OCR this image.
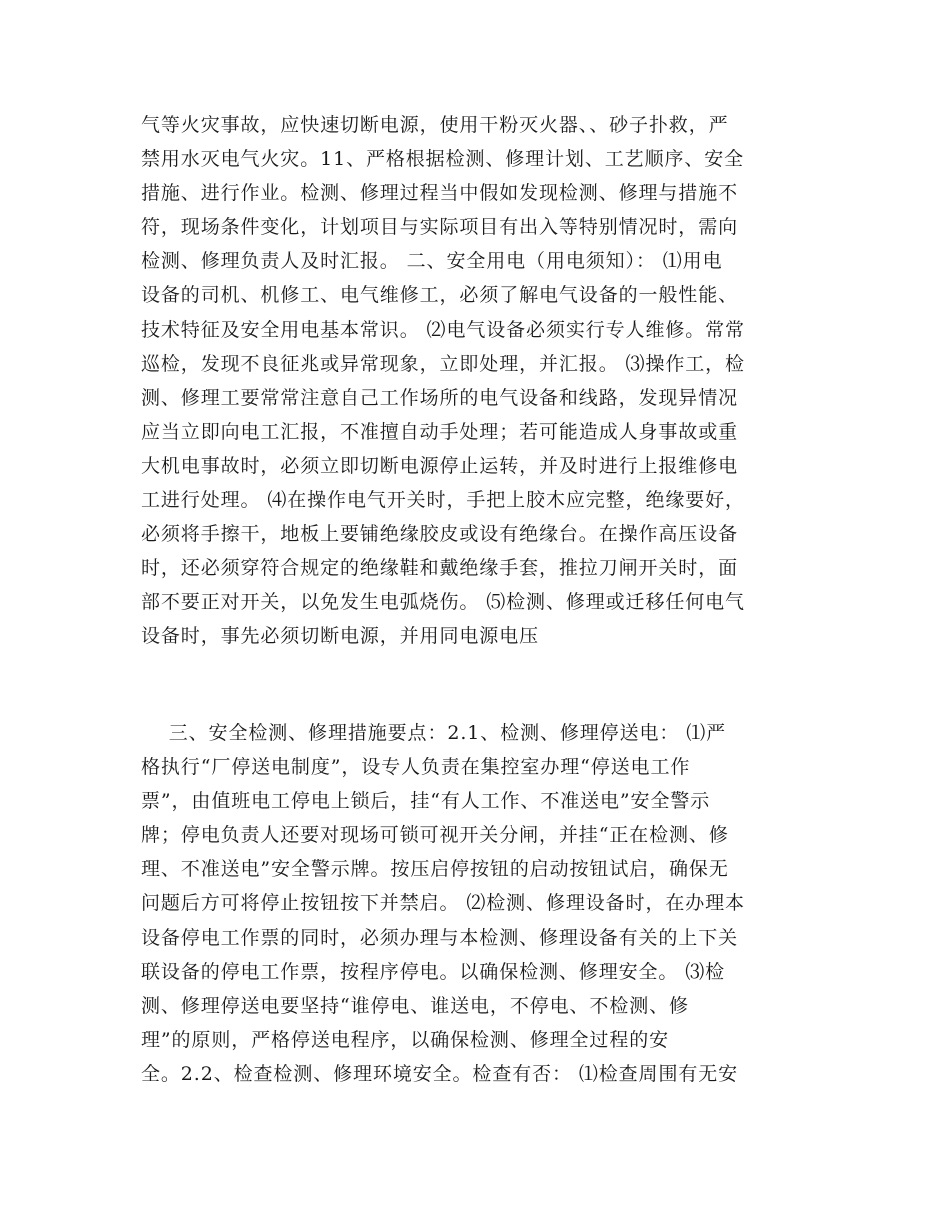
气等火灾事故，应快速切断电源，使用干粉灭火器、、砂子扑救，严
禁用水灭电气火灾。11、严格根据检测、修理计划、工艺顺序、安全
措施、进行作业。检测、修理过程当中假如发现检测、修理与措施不
符，现场条件变化，计划项目与实际项目有出入等特别情况时，需向
检测、修理负责人及时汇报。 二、安全用电（用电须知）： ⑴用电
设备的司机、机修工、电气维修工，必须了解电气设备的一般性能、
技术特征及安全用电基本常识。 ⑵电气设备必须实行专人维修。常常
巡检，发现不良征兆或异常现象，立即处理，并汇报。 ⑶操作工，检
测、修理工要常常注意自己工作场所的电气设备和线路，发现异情况
应当立即向电工汇报，不准擅自动手处理；若可能造成人身事故或重
大机电事故时，必须立即切断电源停止运转，并及时进行上报维修电
工进行处理。 ⑷在操作电气开关时，手把上胶木应完整，绝缘要好，
必须将手擦干，地板上要铺绝缘胶皮或设有绝缘台。在操作高压设备
时，还必须穿符合规定的绝缘鞋和戴绝缘手套，推拉刀闸开关时，面
部不要正对开关，以免发生电弧烧伤。 ⑸检测、修理或迁移任何电气
设备时，事先必须切断电源，并用同电源电压
三、安全检测、修理措施要点：2.1、检测、修理停送电： ⑴严
格执行“厂停送电制度”，设专人负责在集控室办理“停送电工作
票”，由值班电工停电上锁后，挂“有人工作、不准送电”安全警示
牌；停电负责人还要对现场可锁可视开关分闸，并挂“正在检测、修
理、不准送电”安全警示牌。按压启停按钮的启动按钮试启，确保无
问题后方可将停止按钮按下并禁启。 ⑵检测、修理设备时，在办理本
设备停电工作票的同时，必须办理与本检测、修理设备有关的上下关
联设备的停电工作票，按程序停电。以确保检测、修理安全。 ⑶检
测、修理停送电要坚持“谁停电、谁送电，不停电、不检测、修
理”的原则，严格停送电程序，以确保检测、修理全过程的安
全。2.2、检查检测、修理环境安全。检查有否： ⑴检查周围有无安
